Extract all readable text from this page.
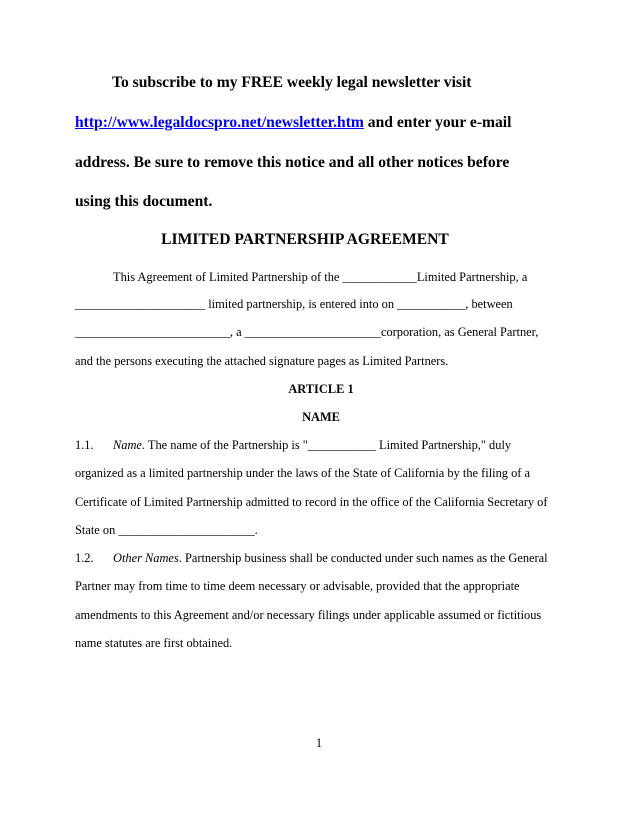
To subscribe to my FREE weekly legal newsletter visit
http://www.legaldocspro.net/newsletter.htm and enter your e-mail
address. Be sure to remove this notice and all other notices before
using this document.
LIMITED PARTNERSHIP AGREEMENT
This Agreement of Limited Partnership of the ____________Limited Partnership, a
_____________________ limited partnership, is entered into on ___________, between
_________________________, a ______________________corporation, as General Partner,
and the persons executing the attached signature pages as Limited Partners.
ARTICLE 1
NAME
1.1. Name. The name of the Partnership is "___________ Limited Partnership," duly
organized as a limited partnership under the laws of the State of California by the filing of a
Certificate of Limited Partnership admitted to record in the office of the California Secretary of
State on ______________________.
1.2. Other Names. Partnership business shall be conducted under such names as the General
Partner may from time to time deem necessary or advisable, provided that the appropriate
amendments to this Agreement and/or necessary filings under applicable assumed or fictitious
name statutes are first obtained.
1
